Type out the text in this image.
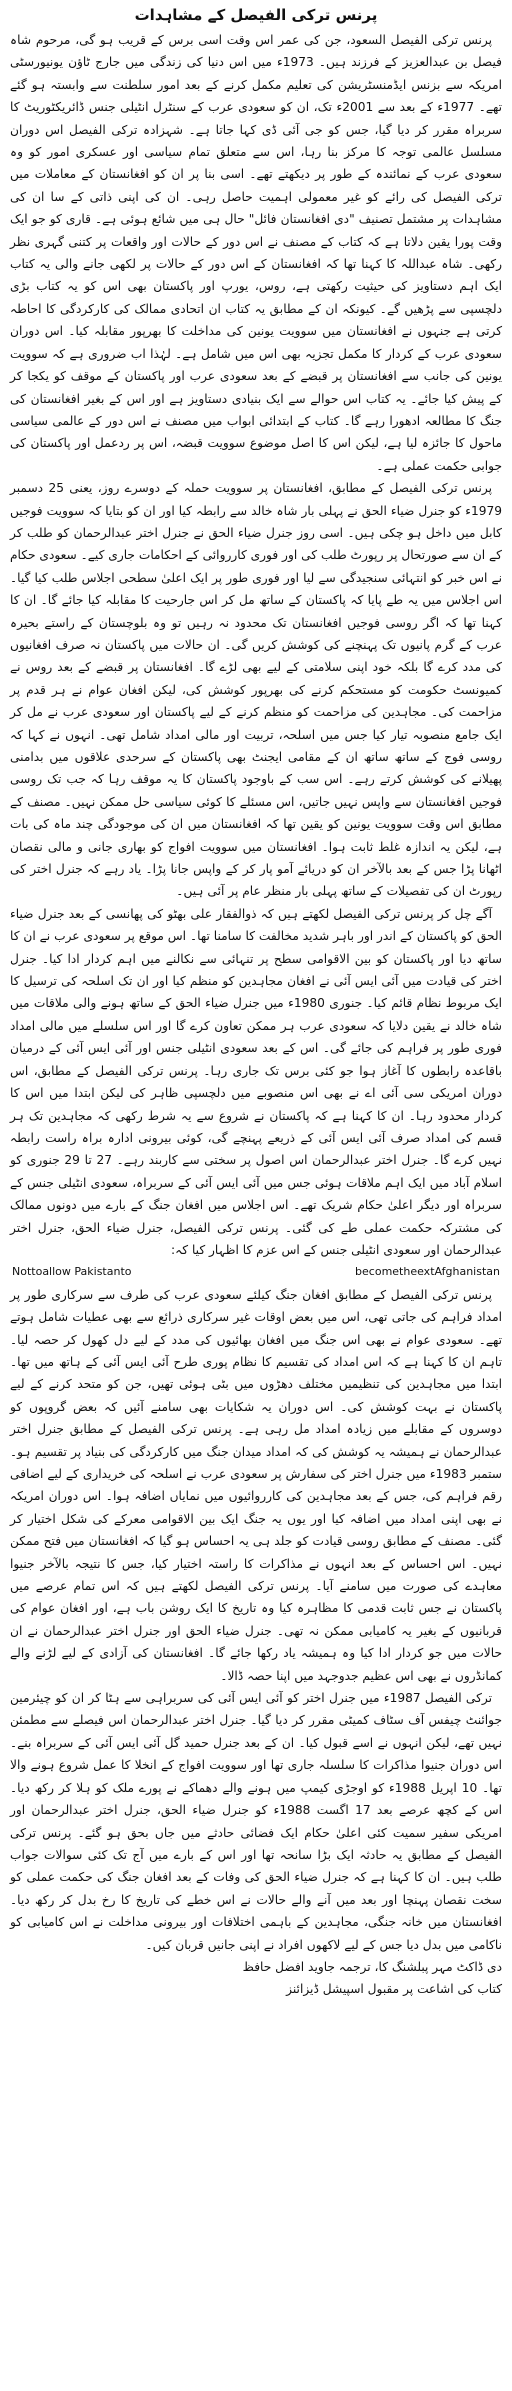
پرنس ترکی الفیصل کے مشاہدات

پرنس ترکی الفیصل السعود، جن کی عمر اس وقت اسی برس کے قریب ہو گی، مرحوم شاہ فیصل بن عبدالعزیز کے فرزند ہیں۔ 1973ء میں اس دنیا کی زندگی میں جارج ٹاؤن یونیورسٹی امریکہ سے بزنس ایڈمنسٹریشن کی تعلیم مکمل کرنے کے بعد امور سلطنت سے وابستہ ہو گئے تھے۔ 1977ء کے بعد سے 2001ء تک، ان کو سعودی عرب کے سنٹرل انٹیلی جنس ڈائریکٹوریٹ کا سربراہ مقرر کر دیا گیا، جس کو جی آئی ڈی کہا جاتا ہے۔ شہزادہ ترکی الفیصل اس دوران مسلسل عالمی توجہ کا مرکز بنا رہا، اس سے متعلق تمام سیاسی اور عسکری امور کو وہ سعودی عرب کے نمائندہ کے طور پر دیکھتے تھے۔ اسی بنا پر ان کو افغانستان کے معاملات میں ترکی الفیصل کی رائے کو غیر معمولی اہمیت حاصل رہی۔ ان کی اپنی ذاتی کے سا ان کی مشاہدات پر مشتمل تصنیف "دی افغانستان فائل" حال ہی میں شائع ہوئی ہے۔ قاری کو جو ایک وقت پورا یقین دلاتا ہے کہ کتاب کے مصنف نے اس دور کے حالات اور واقعات پر کتنی گہری نظر رکھی۔ شاہ عبداللہ کا کہنا تھا کہ افغانستان کے اس دور کے حالات پر لکھی جانے والی یہ کتاب ایک اہم دستاویز کی حیثیت رکھتی ہے، روس، یورپ اور پاکستان بھی اس کو یہ کتاب بڑی دلچسپی سے پڑھیں گے۔ کیونکہ ان کے مطابق یہ کتاب ان اتحادی ممالک کی کارکردگی کا احاطہ کرتی ہے جنہوں نے افغانستان میں سوویت یونین کی مداخلت کا بھرپور مقابلہ کیا۔ اس دوران سعودی عرب کے کردار کا مکمل تجزیہ بھی اس میں شامل ہے۔ لہٰذا اب ضروری ہے کہ سوویت یونین کی جانب سے افغانستان پر قبضے کے بعد سعودی عرب اور پاکستان کے موقف کو یکجا کر کے پیش کیا جائے۔ یہ کتاب اس حوالے سے ایک بنیادی دستاویز ہے اور اس کے بغیر افغانستان کی جنگ کا مطالعہ ادھورا رہے گا۔ کتاب کے ابتدائی ابواب میں مصنف نے اس دور کے عالمی سیاسی ماحول کا جائزہ لیا ہے، لیکن اس کا اصل موضوع سوویت قبضہ، اس پر ردعمل اور پاکستان کی جوابی حکمت عملی ہے۔

پرنس ترکی الفیصل کے مطابق، افغانستان پر سوویت حملہ کے دوسرے روز، یعنی 25 دسمبر 1979ء کو جنرل ضیاء الحق نے پہلی بار شاہ خالد سے رابطہ کیا اور ان کو بتایا کہ سوویت فوجیں کابل میں داخل ہو چکی ہیں۔ اسی روز جنرل ضیاء الحق نے جنرل اختر عبدالرحمان کو طلب کر کے ان سے صورتحال پر رپورٹ طلب کی اور فوری کارروائی کے احکامات جاری کیے۔ سعودی حکام نے اس خبر کو انتہائی سنجیدگی سے لیا اور فوری طور پر ایک اعلیٰ سطحی اجلاس طلب کیا گیا۔ اس اجلاس میں یہ طے پایا کہ پاکستان کے ساتھ مل کر اس جارحیت کا مقابلہ کیا جائے گا۔ ان کا کہنا تھا کہ اگر روسی فوجیں افغانستان تک محدود نہ رہیں تو وہ بلوچستان کے راستے بحیرہ عرب کے گرم پانیوں تک پہنچنے کی کوشش کریں گی۔ ان حالات میں پاکستان نہ صرف افغانیوں کی مدد کرے گا بلکہ خود اپنی سلامتی کے لیے بھی لڑے گا۔ افغانستان پر قبضے کے بعد روس نے کمیونسٹ حکومت کو مستحکم کرنے کی بھرپور کوشش کی، لیکن افغان عوام نے ہر قدم پر مزاحمت کی۔ مجاہدین کی مزاحمت کو منظم کرنے کے لیے پاکستان اور سعودی عرب نے مل کر ایک جامع منصوبہ تیار کیا جس میں اسلحہ، تربیت اور مالی امداد شامل تھی۔ انہوں نے کہا کہ روسی فوج کے ساتھ ساتھ ان کے مقامی ایجنٹ بھی پاکستان کے سرحدی علاقوں میں بدامنی پھیلانے کی کوشش کرتے رہے۔ اس سب کے باوجود پاکستان کا یہ موقف رہا کہ جب تک روسی فوجیں افغانستان سے واپس نہیں جاتیں، اس مسئلے کا کوئی سیاسی حل ممکن نہیں۔ مصنف کے مطابق اس وقت سوویت یونین کو یقین تھا کہ افغانستان میں ان کی موجودگی چند ماہ کی بات ہے، لیکن یہ اندازہ غلط ثابت ہوا۔ افغانستان میں سوویت افواج کو بھاری جانی و مالی نقصان اٹھانا پڑا جس کے بعد بالآخر ان کو دریائے آمو پار کر کے واپس جانا پڑا۔ یاد رہے کہ جنرل اختر کی رپورٹ ان کی تفصیلات کے ساتھ پہلی بار منظر عام پر آئی ہیں۔

آگے چل کر پرنس ترکی الفیصل لکھتے ہیں کہ ذوالفقار علی بھٹو کی پھانسی کے بعد جنرل ضیاء الحق کو پاکستان کے اندر اور باہر شدید مخالفت کا سامنا تھا۔ اس موقع پر سعودی عرب نے ان کا ساتھ دیا اور پاکستان کو بین الاقوامی سطح پر تنہائی سے نکالنے میں اہم کردار ادا کیا۔ جنرل اختر کی قیادت میں آئی ایس آئی نے افغان مجاہدین کو منظم کیا اور ان تک اسلحہ کی ترسیل کا ایک مربوط نظام قائم کیا۔ جنوری 1980ء میں جنرل ضیاء الحق کے ساتھ ہونے والی ملاقات میں شاہ خالد نے یقین دلایا کہ سعودی عرب ہر ممکن تعاون کرے گا اور اس سلسلے میں مالی امداد فوری طور پر فراہم کی جائے گی۔ اس کے بعد سعودی انٹیلی جنس اور آئی ایس آئی کے درمیان باقاعدہ رابطوں کا آغاز ہوا جو کئی برس تک جاری رہا۔ پرنس ترکی الفیصل کے مطابق، اس دوران امریکی سی آئی اے نے بھی اس منصوبے میں دلچسپی ظاہر کی لیکن ابتدا میں اس کا کردار محدود رہا۔ ان کا کہنا ہے کہ پاکستان نے شروع سے یہ شرط رکھی کہ مجاہدین تک ہر قسم کی امداد صرف آئی ایس آئی کے ذریعے پہنچے گی، کوئی بیرونی ادارہ براہ راست رابطہ نہیں کرے گا۔ جنرل اختر عبدالرحمان اس اصول پر سختی سے کاربند رہے۔ 27 تا 29 جنوری کو اسلام آباد میں ایک اہم ملاقات ہوئی جس میں آئی ایس آئی کے سربراہ، سعودی انٹیلی جنس کے سربراہ اور دیگر اعلیٰ حکام شریک تھے۔ اس اجلاس میں افغان جنگ کے بارے میں دونوں ممالک کی مشترکہ حکمت عملی طے کی گئی۔ پرنس ترکی الفیصل، جنرل ضیاء الحق، جنرل اختر عبدالرحمان اور سعودی انٹیلی جنس کے اس عزم کا اظہار کیا کہ:

Nottoallow Pakistanto	becometheextAfghanistan

پرنس ترکی الفیصل کے مطابق افغان جنگ کیلئے سعودی عرب کی طرف سے سرکاری طور پر امداد فراہم کی جاتی تھی، اس میں بعض اوقات غیر سرکاری ذرائع سے بھی عطیات شامل ہوتے تھے۔ سعودی عوام نے بھی اس جنگ میں افغان بھائیوں کی مدد کے لیے دل کھول کر حصہ لیا۔ تاہم ان کا کہنا ہے کہ اس امداد کی تقسیم کا نظام پوری طرح آئی ایس آئی کے ہاتھ میں تھا۔ ابتدا میں مجاہدین کی تنظیمیں مختلف دھڑوں میں بٹی ہوئی تھیں، جن کو متحد کرنے کے لیے پاکستان نے بہت کوشش کی۔ اس دوران یہ شکایات بھی سامنے آئیں کہ بعض گروپوں کو دوسروں کے مقابلے میں زیادہ امداد مل رہی ہے۔ پرنس ترکی الفیصل کے مطابق جنرل اختر عبدالرحمان نے ہمیشہ یہ کوشش کی کہ امداد میدان جنگ میں کارکردگی کی بنیاد پر تقسیم ہو۔ ستمبر 1983ء میں جنرل اختر کی سفارش پر سعودی عرب نے اسلحہ کی خریداری کے لیے اضافی رقم فراہم کی، جس کے بعد مجاہدین کی کارروائیوں میں نمایاں اضافہ ہوا۔ اس دوران امریکہ نے بھی اپنی امداد میں اضافہ کیا اور یوں یہ جنگ ایک بین الاقوامی معرکے کی شکل اختیار کر گئی۔ مصنف کے مطابق روسی قیادت کو جلد ہی یہ احساس ہو گیا کہ افغانستان میں فتح ممکن نہیں۔ اس احساس کے بعد انہوں نے مذاکرات کا راستہ اختیار کیا، جس کا نتیجہ بالآخر جنیوا معاہدے کی صورت میں سامنے آیا۔ پرنس ترکی الفیصل لکھتے ہیں کہ اس تمام عرصے میں پاکستان نے جس ثابت قدمی کا مظاہرہ کیا وہ تاریخ کا ایک روشن باب ہے، اور افغان عوام کی قربانیوں کے بغیر یہ کامیابی ممکن نہ تھی۔ جنرل ضیاء الحق اور جنرل اختر عبدالرحمان نے ان حالات میں جو کردار ادا کیا وہ ہمیشہ یاد رکھا جائے گا۔ افغانستان کی آزادی کے لیے لڑنے والے کمانڈروں نے بھی اس عظیم جدوجہد میں اپنا حصہ ڈالا۔

ترکی الفیصل 1987ء میں جنرل اختر کو آئی ایس آئی کی سربراہی سے ہٹا کر ان کو چیئرمین جوائنٹ چیفس آف سٹاف کمیٹی مقرر کر دیا گیا۔ جنرل اختر عبدالرحمان اس فیصلے سے مطمئن نہیں تھے، لیکن انہوں نے اسے قبول کیا۔ ان کے بعد جنرل حمید گل آئی ایس آئی کے سربراہ بنے۔ اس دوران جنیوا مذاکرات کا سلسلہ جاری تھا اور سوویت افواج کے انخلا کا عمل شروع ہونے والا تھا۔ 10 اپریل 1988ء کو اوجڑی کیمپ میں ہونے والے دھماکے نے پورے ملک کو ہلا کر رکھ دیا۔ اس کے کچھ عرصے بعد 17 اگست 1988ء کو جنرل ضیاء الحق، جنرل اختر عبدالرحمان اور امریکی سفیر سمیت کئی اعلیٰ حکام ایک فضائی حادثے میں جاں بحق ہو گئے۔ پرنس ترکی الفیصل کے مطابق یہ حادثہ ایک بڑا سانحہ تھا اور اس کے بارے میں آج تک کئی سوالات جواب طلب ہیں۔ ان کا کہنا ہے کہ جنرل ضیاء الحق کی وفات کے بعد افغان جنگ کی حکمت عملی کو سخت نقصان پہنچا اور بعد میں آنے والے حالات نے اس خطے کی تاریخ کا رخ بدل کر رکھ دیا۔ افغانستان میں خانہ جنگی، مجاہدین کے باہمی اختلافات اور بیرونی مداخلت نے اس کامیابی کو ناکامی میں بدل دیا جس کے لیے لاکھوں افراد نے اپنی جانیں قربان کیں۔

دی ڈاکٹ مہر پبلشنگ کا، ترجمہ جاوید افضل حافظ

کتاب کی اشاعت پر مقبول اسپیشل ڈیزائنز
